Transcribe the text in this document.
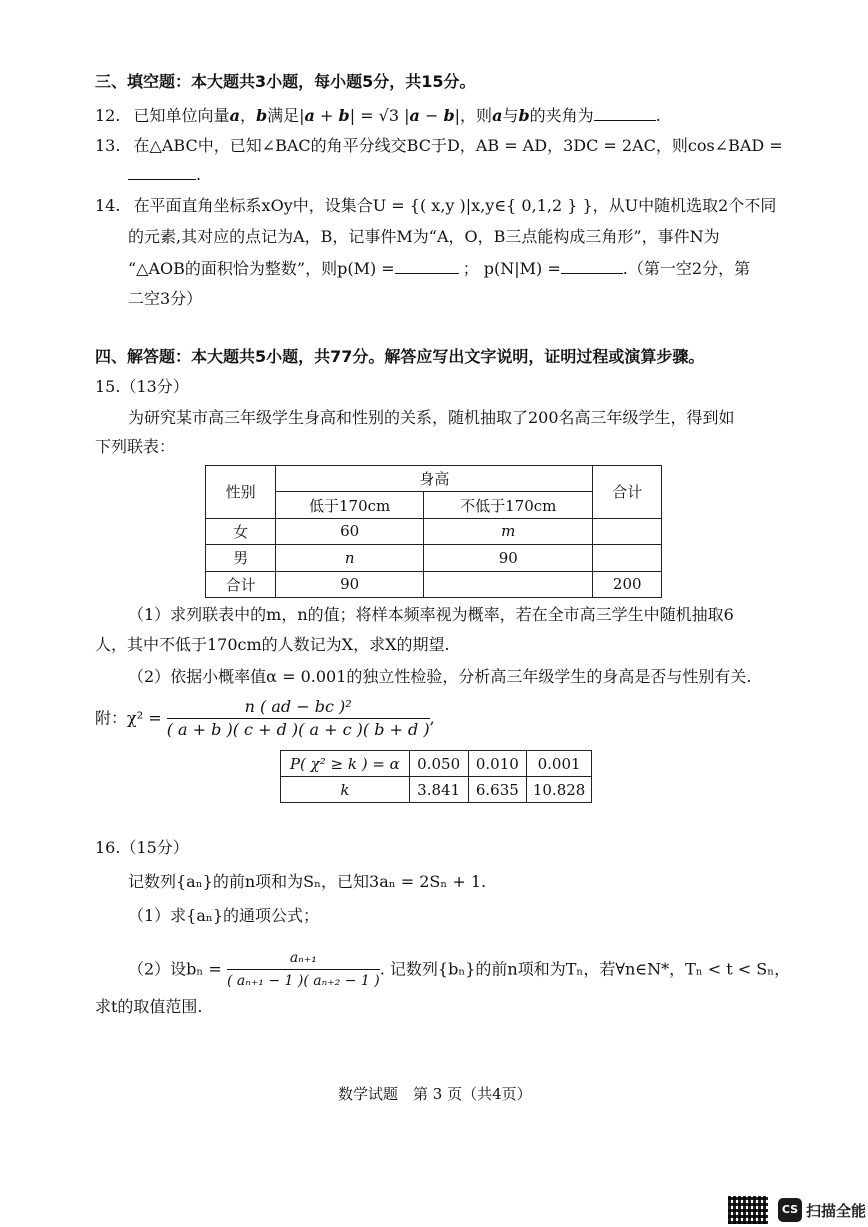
三、填空题：本大题共3小题，每小题5分，共15分。
12. 已知单位向量a，b满足|a + b| = √3 |a − b|，则a与b的夹角为	.
13. 在△ABC中，已知∠BAC的角平分线交BC于D，AB = AD，3DC = 2AC，则cos∠BAD =
.
14. 在平面直角坐标系xOy中，设集合U = {( x,y )|x,y∈{ 0,1,2 } }，从U中随机选取2个不同
的元素,其对应的点记为A，B，记事件M为“A，O，B三点能构成三角形”，事件N为
“△AOB的面积恰为整数”，则p(M) =	； p(N|M) =	.（第一空2分，第
二空3分）
四、解答题：本大题共5小题，共77分。解答应写出文字说明，证明过程或演算步骤。
15.（13分）
为研究某市高三年级学生身高和性别的关系，随机抽取了200名高三年级学生，得到如
下列联表：
性别	身高		合计
	低于170cm	不低于170cm	
女	60	m	
男	n	90	
合计	90		200
（1）求列联表中的m，n的值；将样本频率视为概率，若在全市高三学生中随机抽取6
人，其中不低于170cm的人数记为X，求X的期望.
（2）依据小概率值α = 0.001的独立性检验，分析高三年级学生的身高是否与性别有关.
附：$\chi^2 = \frac{\text{n ( ad − bc )²}}{( a + b )( c + d )( a + c )( b + d )}$ ,
P( χ² ≥ k ) = α	0.050	0.010	0.001
k	3.841	6.635	10.828
16.（15分）
记数列{aₙ}的前n项和为Sₙ，已知3aₙ = 2Sₙ + 1.
（1）求{aₙ}的通项公式；
（2）设$b_n = \frac{\text{aₙ₊₁}}{\text{( aₙ₊₁ − 1 )( aₙ₊₂ − 1 )}}$ . 记数列{bₙ}的前n项和为Tₙ，若∀n∈N*，Tₙ < t < Sₙ，
求t的取值范围.
数学试题　第 3 页（共4页）
CS 扫描全能
